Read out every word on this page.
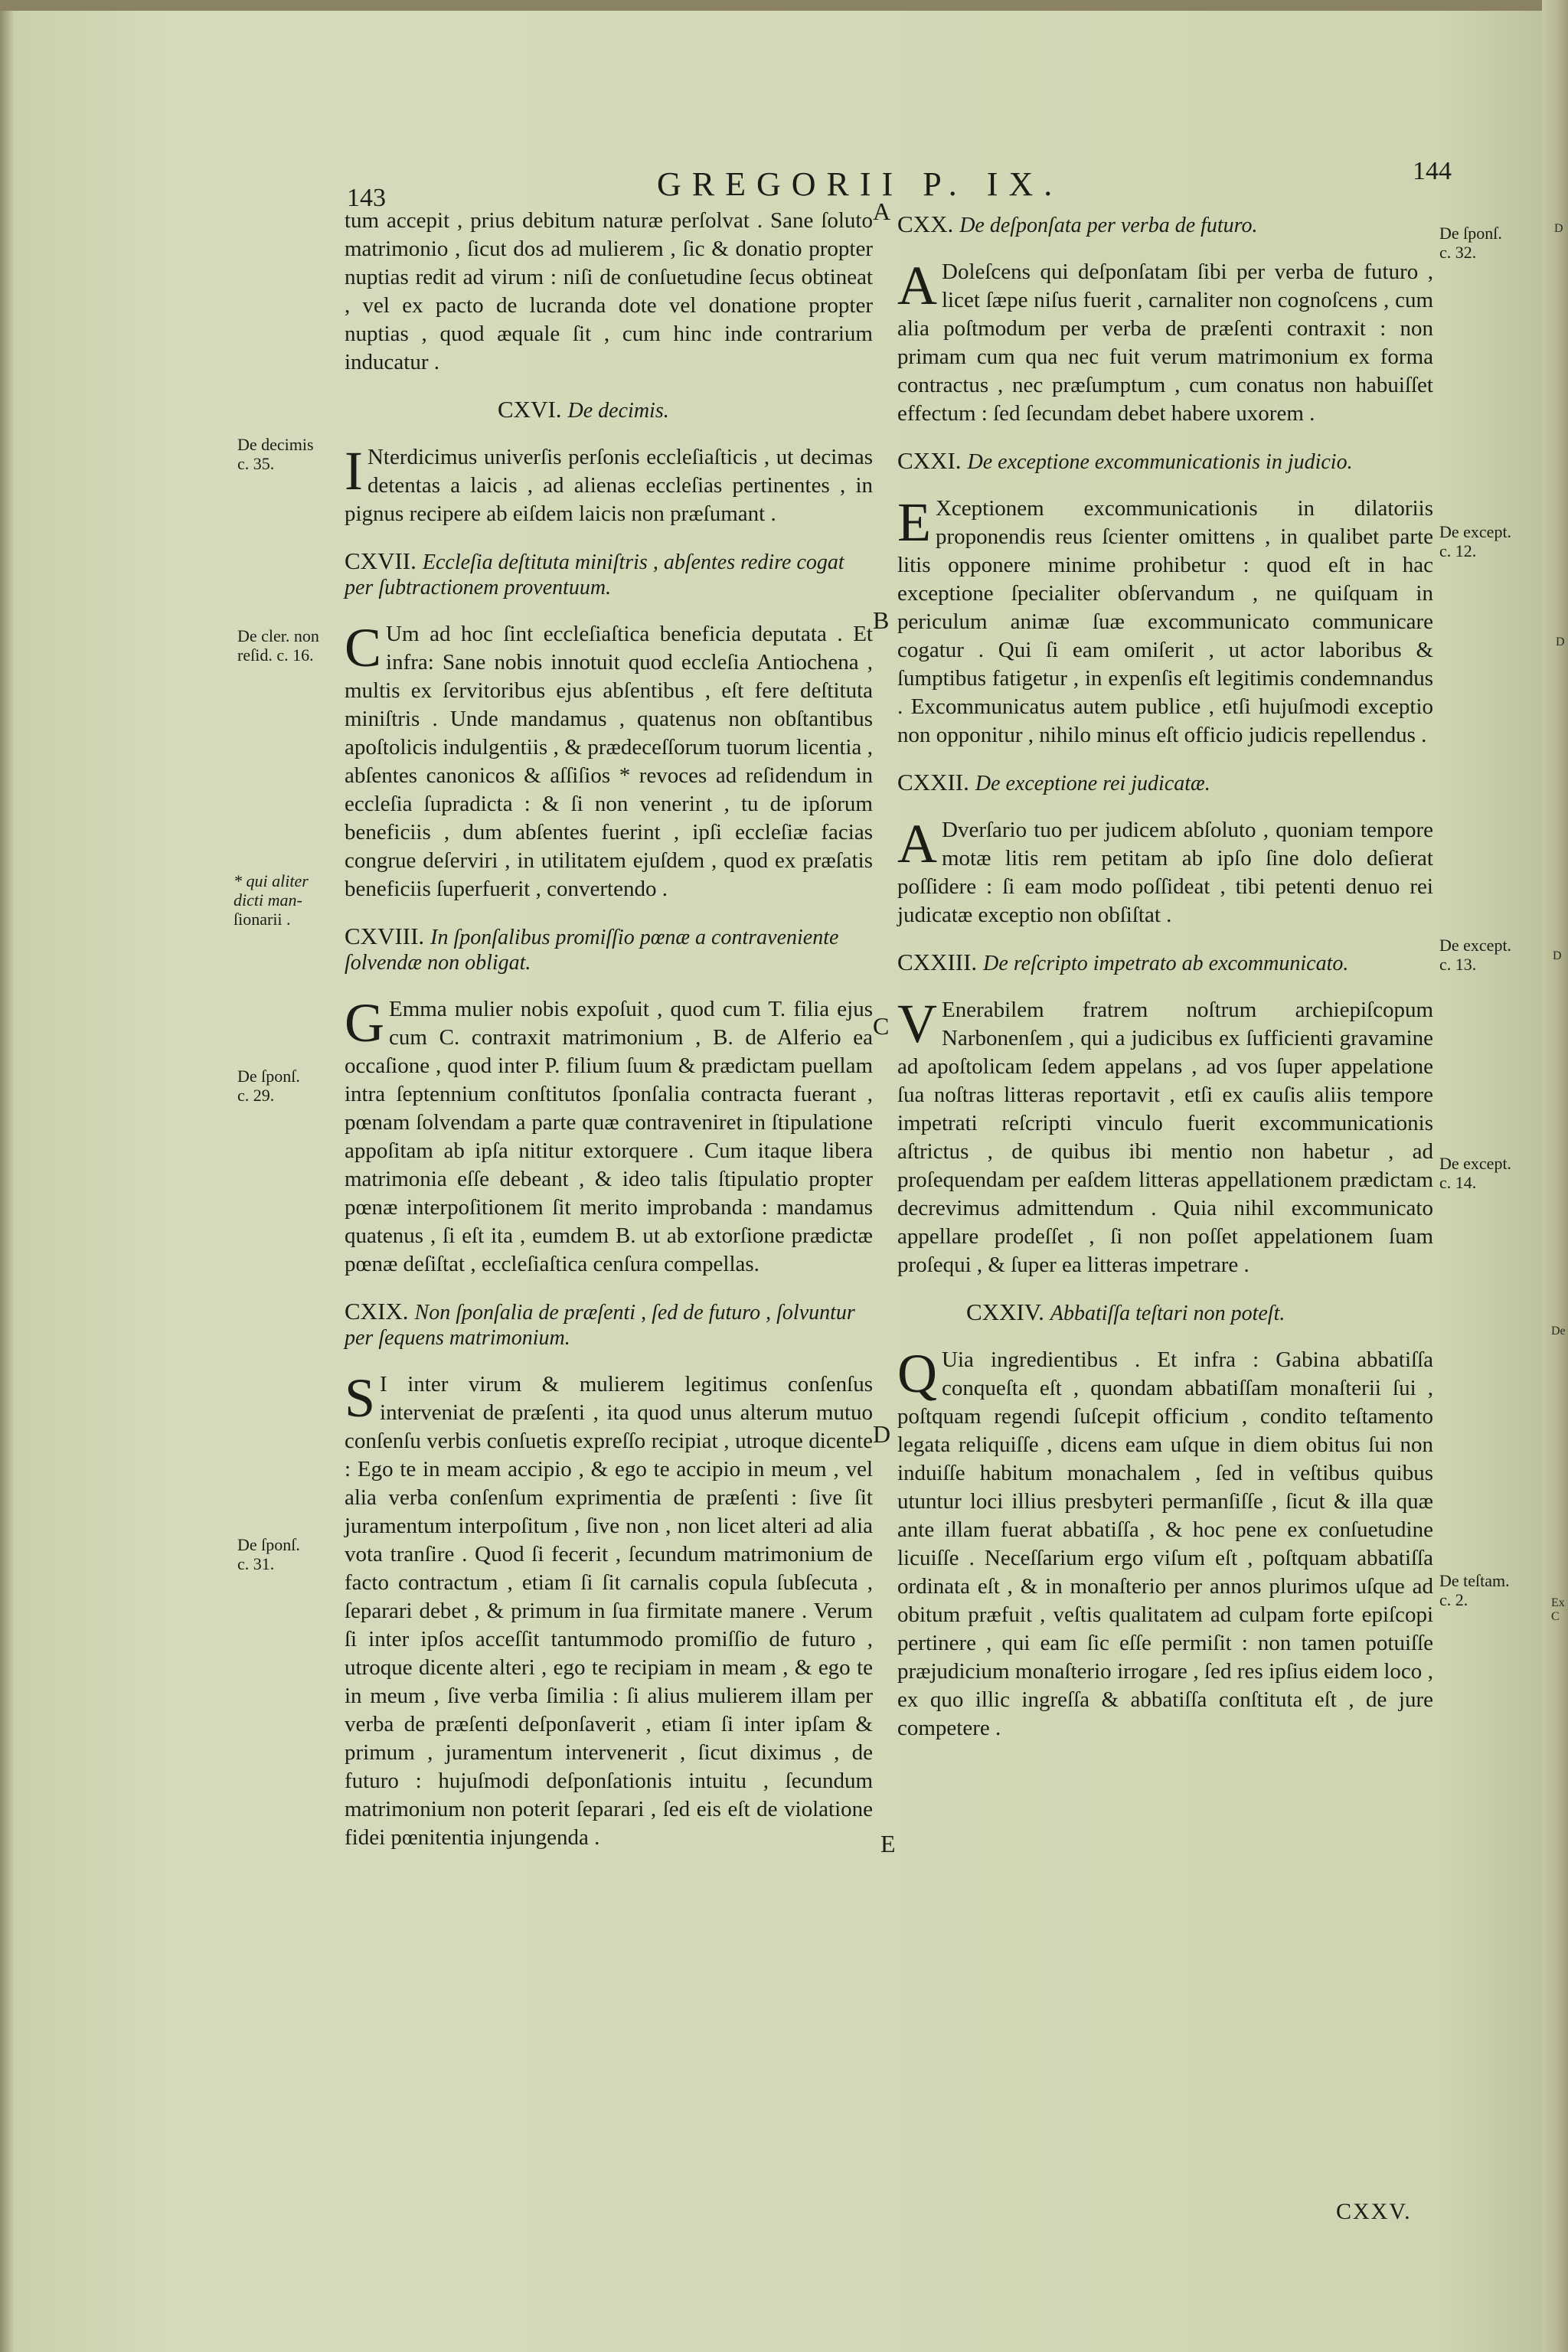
D
D
D
De
Ex C
143	GREGORII P. IX.	144
De decimis
c. 35.
De cler. non
reſid. c. 16.
* qui aliter
dicti man-
ſionarii .
De ſponſ.
c. 29.
De ſponſ.
c. 31.
De ſponſ.
c. 32.
De except.
c. 12.
De except.
c. 13.
De except.
c. 14.
De teſtam.
c. 2.
A
B
C
D
E

tum accepit , prius debitum naturæ perſolvat . Sane ſoluto matrimonio , ſicut dos ad mulierem , ſic & donatio propter nuptias redit ad virum : niſi de conſuetudine ſecus obtineat , vel ex pacto de lucranda dote vel donatione propter nuptias , quod æquale ſit , cum hinc inde contrarium inducatur .

CXVI. De decimis.

I Nterdicimus univerſis perſonis eccleſiaſticis , ut decimas detentas a laicis , ad alienas eccleſias pertinentes , in pignus recipere ab eiſdem laicis non præſumant .

CXVII. Eccleſia deſtituta miniſtris , abſentes redire cogat per ſubtractionem proventuum.

C Um ad hoc ſint eccleſiaſtica beneficia deputata . Et infra: Sane nobis innotuit quod eccleſia Antiochena , multis ex ſervitoribus ejus abſentibus , eſt fere deſtituta miniſtris . Unde mandamus , quatenus non obſtantibus apoſtolicis indulgentiis , & prædeceſſorum tuorum licentia , abſentes canonicos & aſſiſios * revoces ad reſidendum in eccleſia ſupradicta : & ſi non venerint , tu de ipſorum beneficiis , dum abſentes fuerint , ipſi eccleſiæ facias congrue deſerviri , in utilitatem ejuſdem , quod ex præſatis beneficiis ſuperfuerit , convertendo .

CXVIII. In ſponſalibus promiſſio pœnæ a contraveniente ſolvendæ non obligat.

G Emma mulier nobis expoſuit , quod cum T. filia ejus cum C. contraxit matrimonium , B. de Alferio ea occaſione , quod inter P. filium ſuum & prædictam puellam intra ſeptennium conſtitutos ſponſalia contracta fuerant , pœnam ſolvendam a parte quæ contraveniret in ſtipulatione appoſitam ab ipſa nititur extorquere . Cum itaque libera matrimonia eſſe debeant , & ideo talis ſtipulatio propter pœnæ interpoſitionem ſit merito improbanda : mandamus quatenus , ſi eſt ita , eumdem B. ut ab extorſione prædictæ pœnæ deſiſtat , eccleſiaſtica cenſura compellas.

CXIX. Non ſponſalia de præſenti , ſed de futuro , ſolvuntur per ſequens matrimonium.

S I inter virum & mulierem legitimus conſenſus interveniat de præſenti , ita quod unus alterum mutuo conſenſu verbis conſuetis expreſſo recipiat , utroque dicente : Ego te in meam accipio , & ego te accipio in meum , vel alia verba conſenſum exprimentia de præſenti : ſive ſit juramentum interpoſitum , ſive non , non licet alteri ad alia vota tranſire . Quod ſi fecerit , ſecundum matrimonium de facto contractum , etiam ſi ſit carnalis copula ſubſecuta , ſeparari debet , & primum in ſua firmitate manere . Verum ſi inter ipſos acceſſit tantummodo promiſſio de futuro , utroque dicente alteri , ego te recipiam in meam , & ego te in meum , ſive verba ſimilia : ſi alius mulierem illam per verba de præſenti deſponſaverit , etiam ſi inter ipſam & primum , juramentum intervenerit , ſicut diximus , de futuro : hujuſmodi deſponſationis intuitu , ſecundum matrimonium non poterit ſeparari , ſed eis eſt de violatione fidei pœnitentia injungenda .

CXX. De deſponſata per verba de futuro.

A Doleſcens qui deſponſatam ſibi per verba de futuro , licet ſæpe niſus fuerit , carnaliter non cognoſcens , cum alia poſtmodum per verba de præſenti contraxit : non primam cum qua nec fuit verum matrimonium ex forma contractus , nec præſumptum , cum conatus non habuiſſet effectum : ſed ſecundam debet habere uxorem .

CXXI. De exceptione excommunicationis in judicio.

E Xceptionem excommunicationis in dilatoriis proponendis reus ſcienter omittens , in qualibet parte litis opponere minime prohibetur : quod eſt in hac exceptione ſpecialiter obſervandum , ne quiſquam in periculum animæ ſuæ excommunicato communicare cogatur . Qui ſi eam omiſerit , ut actor laboribus & ſumptibus fatigetur , in expenſis eſt legitimis condemnandus . Excommunicatus autem publice , etſi hujuſmodi exceptio non opponitur , nihilo minus eſt officio judicis repellendus .

CXXII. De exceptione rei judicatæ.

A Dverſario tuo per judicem abſoluto , quoniam tempore motæ litis rem petitam ab ipſo ſine dolo deſierat poſſidere : ſi eam modo poſſideat , tibi petenti denuo rei judicatæ exceptio non obſiſtat .

CXXIII. De reſcripto impetrato ab excommunicato.

V Enerabilem fratrem noſtrum archiepiſcopum Narbonenſem , qui a judicibus ex ſufficienti gravamine ad apoſtolicam ſedem appelans , ad vos ſuper appelatione ſua noſtras litteras reportavit , etſi ex cauſis aliis tempore impetrati reſcripti vinculo fuerit excommunicationis aſtrictus , de quibus ibi mentio non habetur , ad proſequendam per eaſdem litteras appellationem prædictam decrevimus admittendum . Quia nihil excommunicato appellare prodeſſet , ſi non poſſet appelationem ſuam proſequi , & ſuper ea litteras impetrare .

CXXIV. Abbatiſſa teſtari non poteſt.

Q Uia ingredientibus . Et infra : Gabina abbatiſſa conqueſta eſt , quondam abbatiſſam monaſterii ſui , poſtquam regendi ſuſcepit officium , condito teſtamento legata reliquiſſe , dicens eam uſque in diem obitus ſui non induiſſe habitum monachalem , ſed in veſtibus quibus utuntur loci illius presbyteri permanſiſſe , ſicut & illa quæ ante illam fuerat abbatiſſa , & hoc pene ex conſuetudine licuiſſe . Neceſſarium ergo viſum eſt , poſtquam abbatiſſa ordinata eſt , & in monaſterio per annos plurimos uſque ad obitum præfuit , veſtis qualitatem ad culpam forte epiſcopi pertinere , qui eam ſic eſſe permiſit : non tamen potuiſſe præjudicium monaſterio irrogare , ſed res ipſius eidem loco , ex quo illic ingreſſa & abbatiſſa conſtituta eſt , de jure competere .

CXXV.
